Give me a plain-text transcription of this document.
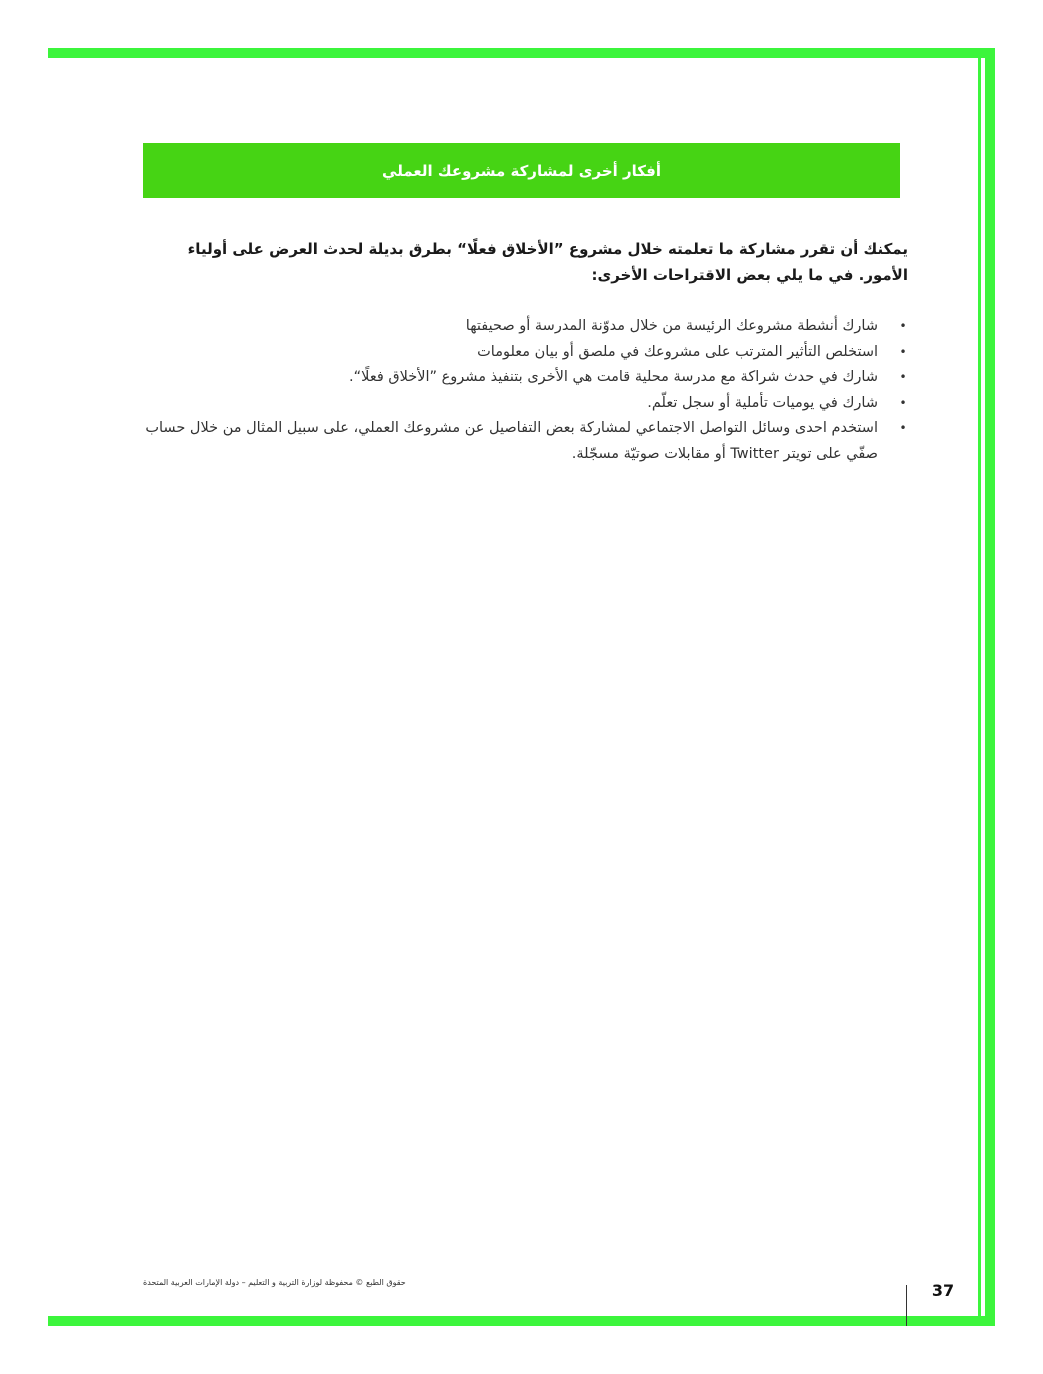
أفكار أخرى لمشاركة مشروعك العملي

يمكنك أن تقرر مشاركة ما تعلمته خلال مشروع ”الأخلاق فعلًا“ بطرق بديلة لحدث العرض على أولياء الأمور. في ما يلي بعض الاقتراحات الأخرى:

•
شارك أنشطة مشروعك الرئيسة من خلال مدوّنة المدرسة أو صحيفتها
•
استخلص التأثير المترتب على مشروعك في ملصق أو بيان معلومات
•
شارك في حدث شراكة مع مدرسة محلية قامت هي الأخرى بتنفيذ مشروع ”الأخلاق فعلًا“.
•
شارك في يوميات تأملية أو سجل تعلّم.
•
استخدم احدى وسائل التواصل الاجتماعي لمشاركة بعض التفاصيل عن مشروعك العملي، على سبيل المثال من خلال حساب صفّي على تويتر Twitter أو مقابلات صوتيّة مسجّلة.
حقوق الطبع © محفوظة لوزارة التربية و التعليم – دولة الإمارات العربية المتحدة	37
